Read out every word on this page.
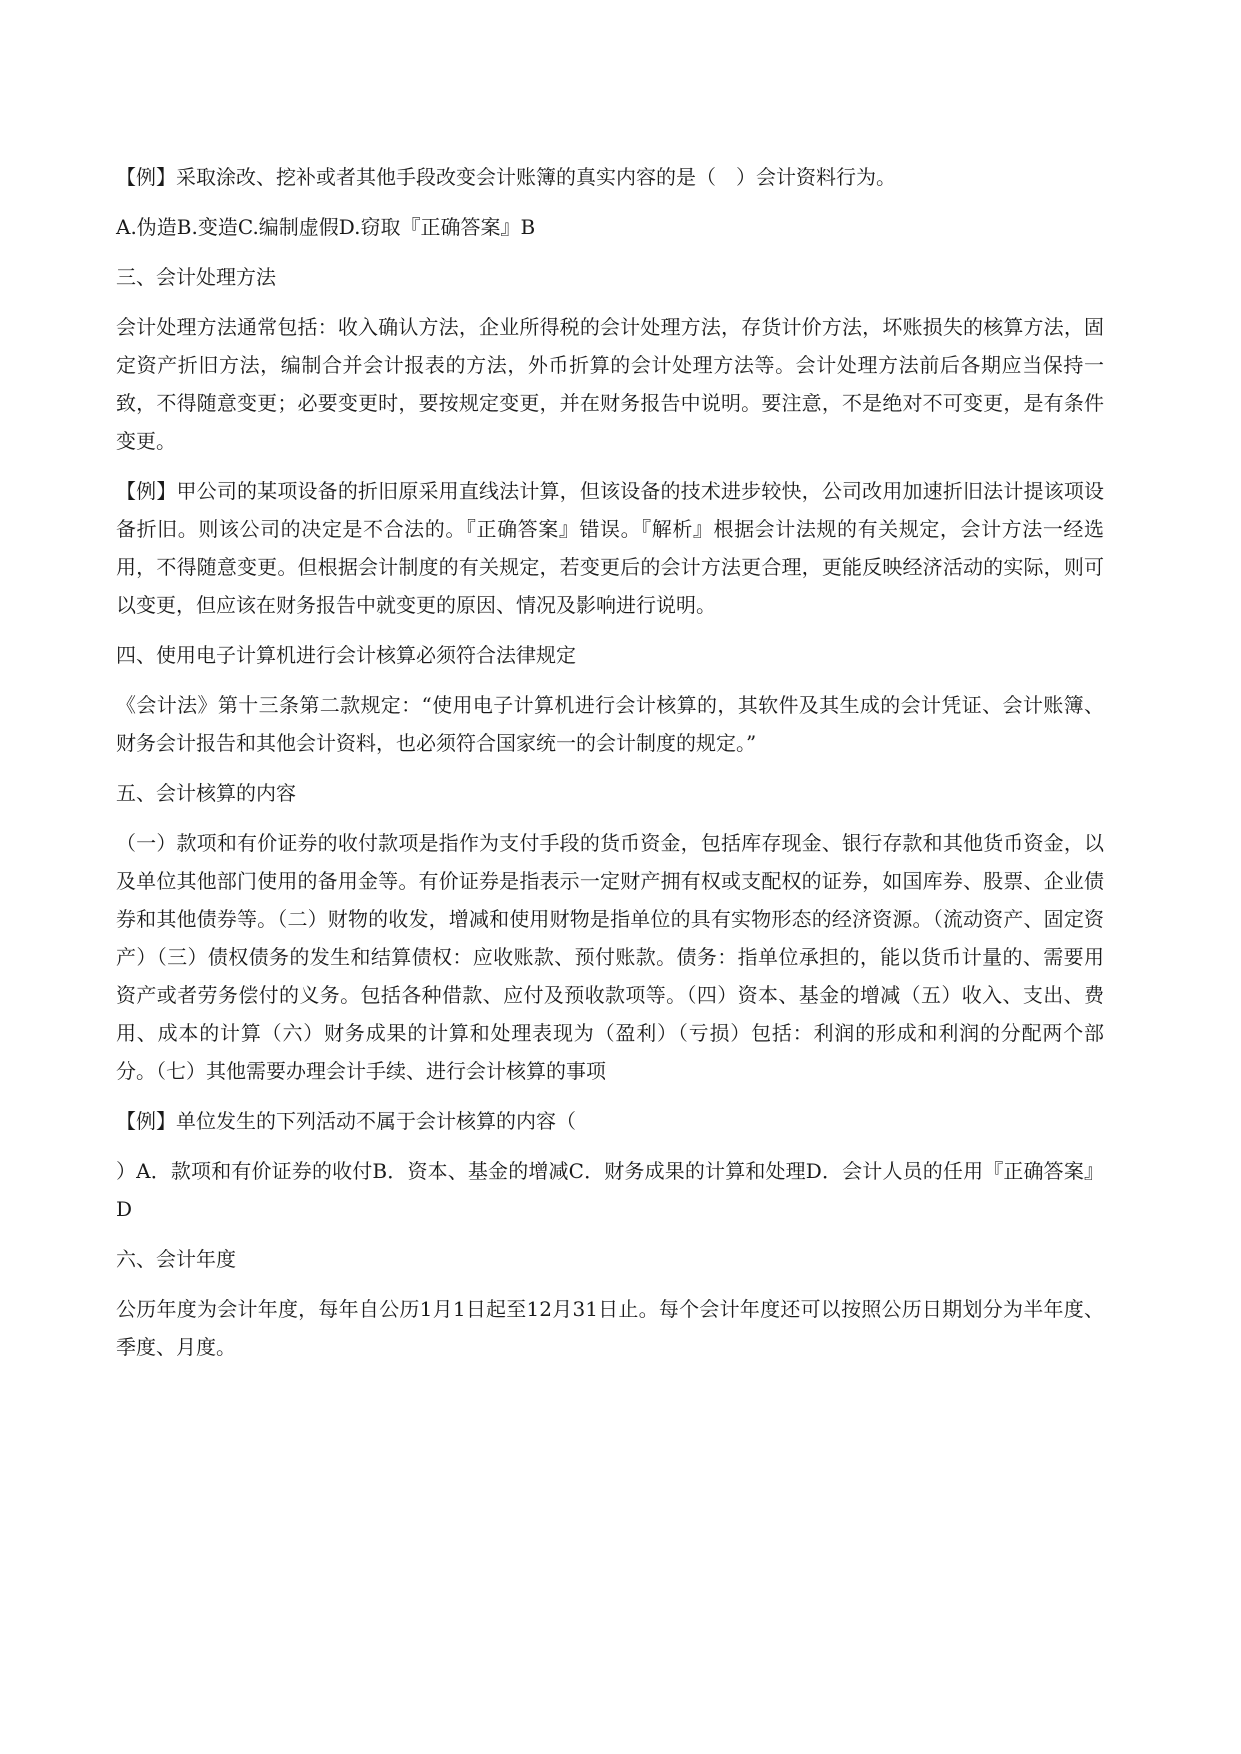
【例】采取涂改、挖补或者其他手段改变会计账簿的真实内容的是（　）会计资料行为。

A.伪造B.变造C.编制虚假D.窃取『正确答案』B

三、会计处理方法

会计处理方法通常包括：收入确认方法，企业所得税的会计处理方法，存货计价方法，坏账损失的核算方法，固定资产折旧方法，编制合并会计报表的方法，外币折算的会计处理方法等。会计处理方法前后各期应当保持一致，不得随意变更；必要变更时，要按规定变更，并在财务报告中说明。要注意，不是绝对不可变更，是有条件变更。

【例】甲公司的某项设备的折旧原采用直线法计算，但该设备的技术进步较快，公司改用加速折旧法计提该项设备折旧。则该公司的决定是不合法的。『正确答案』错误。『解析』根据会计法规的有关规定，会计方法一经选用，不得随意变更。但根据会计制度的有关规定，若变更后的会计方法更合理，更能反映经济活动的实际，则可以变更，但应该在财务报告中就变更的原因、情况及影响进行说明。

四、使用电子计算机进行会计核算必须符合法律规定

《会计法》第十三条第二款规定：“使用电子计算机进行会计核算的，其软件及其生成的会计凭证、会计账簿、财务会计报告和其他会计资料，也必须符合国家统一的会计制度的规定。”

五、会计核算的内容

（一）款项和有价证券的收付款项是指作为支付手段的货币资金，包括库存现金、银行存款和其他货币资金，以及单位其他部门使用的备用金等。有价证券是指表示一定财产拥有权或支配权的证券，如国库券、股票、企业债券和其他债券等。（二）财物的收发，增减和使用财物是指单位的具有实物形态的经济资源。（流动资产、固定资产）（三）债权债务的发生和结算债权：应收账款、预付账款。债务：指单位承担的，能以货币计量的、需要用资产或者劳务偿付的义务。包括各种借款、应付及预收款项等。（四）资本、基金的增减（五）收入、支出、费用、成本的计算（六）财务成果的计算和处理表现为（盈利）（亏损）包括：利润的形成和利润的分配两个部分。（七）其他需要办理会计手续、进行会计核算的事项

【例】单位发生的下列活动不属于会计核算的内容（

）A．款项和有价证券的收付B．资本、基金的增减C．财务成果的计算和处理D．会计人员的任用『正确答案』D

六、会计年度

公历年度为会计年度，每年自公历1月1日起至12月31日止。每个会计年度还可以按照公历日期划分为半年度、季度、月度。
